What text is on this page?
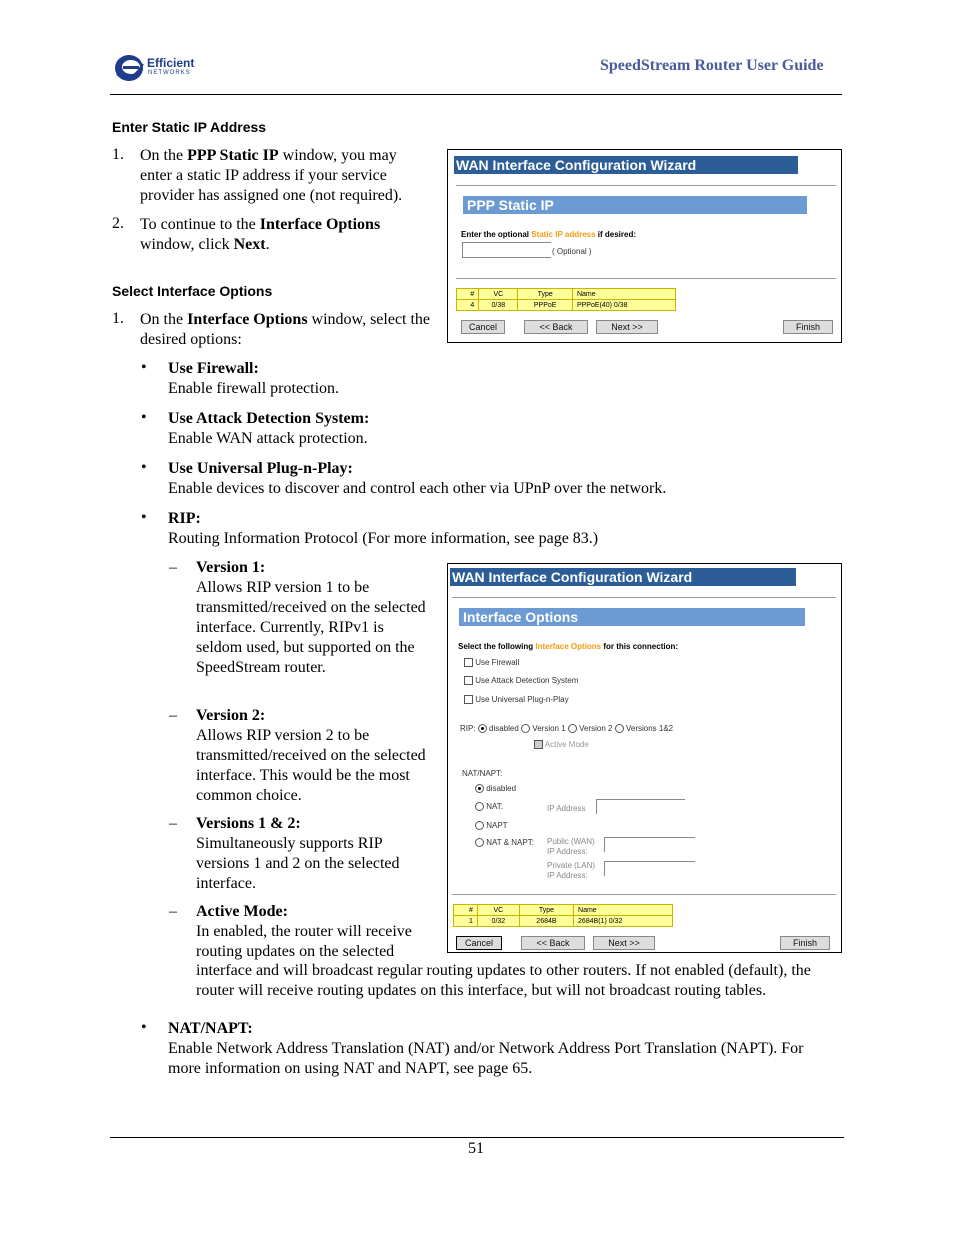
Efficient
NETWORKS	SpeedStream Router User Guide
Enter Static IP Address
1. On the PPP Static IP window, you may enter a static IP address if your service provider has assigned one (not required).
2. To continue to the Interface Options window, click Next.
WAN Interface Configuration Wizard
PPP Static IP
Enter the optional Static IP address if desired:
( Optional )
#	VC	Type	Name
4	0/38	PPPoE	PPPoE(40) 0/38
Cancel	<< Back	Next >>	Finish
Select Interface Options
1. On the Interface Options window, select the desired options:
• Use Firewall:
Enable firewall protection.
• Use Attack Detection System:
Enable WAN attack protection.
• Use Universal Plug-n-Play:
Enable devices to discover and control each other via UPnP over the network.
• RIP:
Routing Information Protocol (For more information, see page 83.)
– Version 1:
Allows RIP version 1 to be transmitted/received on the selected interface. Currently, RIPv1 is seldom used, but supported on the SpeedStream router.
– Version 2:
Allows RIP version 2 to be transmitted/received on the selected interface. This would be the most common choice.
– Versions 1 & 2:
Simultaneously supports RIP versions 1 and 2 on the selected interface.
– Active Mode:
In enabled, the router will receive routing updates on the selected
interface and will broadcast regular routing updates to other routers. If not enabled (default), the router will receive routing updates on this interface, but will not broadcast routing tables.
• NAT/NAPT:
Enable Network Address Translation (NAT) and/or Network Address Port Translation (NAPT). For more information on using NAT and NAPT, see page 65.
WAN Interface Configuration Wizard
Interface Options
Select the following Interface Options for this connection:
Use Firewall
Use Attack Detection System
Use Universal Plug-n-Play
RIP: disabled Version 1 Version 2 Versions 1&2
Active Mode
NAT/NAPT:
disabled
NAT:	IP Address
NAPT
NAT & NAPT: Public (WAN)
IP Address:
Private (LAN)
IP Address:
#	VC	Type	Name
1	0/32	2684B	2684B(1) 0/32
Cancel	<< Back	Next >>	Finish
51
